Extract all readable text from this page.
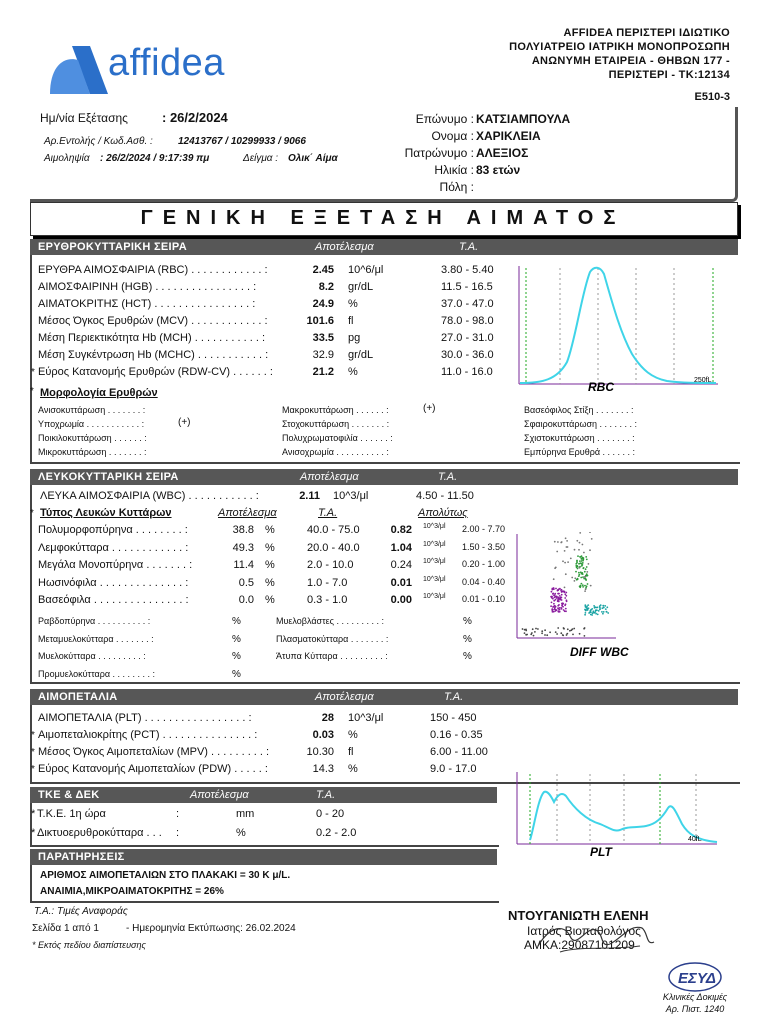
affidea
AFFIDEA ΠΕΡΙΣΤΕΡΙ ΙΔΙΩΤΙΚΟ
ΠΟΛΥΙΑΤΡΕΙΟ ΙΑΤΡΙΚΗ ΜΟΝΟΠΡΟΣΩΠΗ
ΑΝΩΝΥΜΗ ΕΤΑΙΡΕΙΑ - ΘΗΒΩΝ 177 -
ΠΕΡΙΣΤΕΡΙ - ΤΚ:12134
E510-3
Ημ/νία Εξέτασης	: 26/2/2024
Αρ.Εντολής / Κωδ.Ασθ. :	12413767 / 10299933 / 9066
Αιμοληψία : 26/2/2024 / 9:17:39 πμ	Δείγμα : Ολικ΄ Αίμα
Επώνυμο : ΚΑΤΣΙΑΜΠΟΥΛΑ
Ονομα : ΧΑΡΙΚΛΕΙΑ
Πατρώνυμο : ΑΛΕΞΙΟΣ
Ηλικία : 83 ετών
Πόλη :
ΓΕΝΙΚΗ ΕΞΕΤΑΣΗ ΑΙΜΑΤΟΣ
ΕΡΥΘΡΟΚΥΤΤΑΡΙΚΗ ΣΕΙΡΑ	Αποτέλεσμα	Τ.Α.
ΕΡΥΘΡΑ ΑΙΜΟΣΦΑΙΡΙΑ (RBC) . . . . . . . . . . . . :	2.45 10^6/μl	3.80 - 5.40
ΑΙΜΟΣΦΑΙΡΙΝΗ (HGB) . . . . . . . . . . . . . . . . :	8.2 gr/dL	11.5 - 16.5
ΑΙΜΑΤΟΚΡΙΤΗΣ (HCT) . . . . . . . . . . . . . . . . :	24.9 %	37.0 - 47.0
Μέσος Όγκος Ερυθρών (MCV) . . . . . . . . . . . . :	101.6 fl	78.0 - 98.0
Μέση Περιεκτικότητα Hb (MCH) . . . . . . . . . . . :	33.5 pg	27.0 - 31.0
Μέση Συγκέντρωση Hb (MCHC) . . . . . . . . . . . :	32.9 gr/dL	30.0 - 36.0
* Εύρος Κατανομής Ερυθρών (RDW-CV) . . . . . . :	21.2 %	11.0 - 16.0
* Μορφολογία Ερυθρών
Ανισοκυττάρωση . . . . . . . :	Μακροκυττάρωση . . . . . . :	(+)	Βασεόφιλος Στίξη . . . . . . . :
Υποχρωμία . . . . . . . . . . . :	(+)	Στοχοκυττάρωση . . . . . . . :	Σφαιροκυττάρωση . . . . . . . :
Ποικιλοκυττάρωση . . . . . . :	Πολυχρωματοφιλία . . . . . . :	Σχιστοκυττάρωση . . . . . . . :
Μικροκυττάρωση . . . . . . . :	Ανισοχρωμία . . . . . . . . . . :	Εμπύρηνα Ερυθρά . . . . . . :
RBC	250fL
ΛΕΥΚΟΚΥΤΤΑΡΙΚΗ ΣΕΙΡΑ	Αποτέλεσμα	Τ.Α.
ΛΕΥΚΑ ΑΙΜΟΣΦΑΙΡΙΑ (WBC) . . . . . . . . . . . :	2.11 10^3/μl	4.50 - 11.50
* Τύπος Λευκών Κυττάρων	Αποτέλεσμα	Τ.Α.	Απολύτως
Πολυμορφοπύρηνα . . . . . . . . :	38.8 %	40.0 - 75.0	0.82 10^3/μl 2.00 - 7.70
Λεμφοκύτταρα . . . . . . . . . . . . :	49.3 %	20.0 - 40.0	1.04 10^3/μl 1.50 - 3.50
Μεγάλα Μονοπύρηνα . . . . . . . :	11.4 %	2.0 - 10.0	0.24 10^3/μl 0.20 - 1.00
Ηωσινόφιλα . . . . . . . . . . . . . . :	0.5 %	1.0 - 7.0	0.01 10^3/μl 0.04 - 0.40
Βασεόφιλα . . . . . . . . . . . . . . . :	0.0 %	0.3 - 1.0	0.00 10^3/μl 0.01 - 0.10
Ραβδοπύρηνα . . . . . . . . . . :	%
Μεταμυελοκύτταρα . . . . . . . :	%
Μυελοκύτταρα . . . . . . . . . :	%
Προμυελοκύτταρα . . . . . . . . :	%
Μυελοβλάστες . . . . . . . . . :	%
Πλασματοκύτταρα . . . . . . . :	%
Άτυπα Κύτταρα . . . . . . . . . :	%	DIFF WBC
ΑΙΜΟΠΕΤΑΛΙΑ	Αποτέλεσμα	Τ.Α.
ΑΙΜΟΠΕΤΑΛΙΑ (PLT) . . . . . . . . . . . . . . . . . :	28 10^3/μl	150 - 450
* Αιμοπεταλιοκρίτης (PCT) . . . . . . . . . . . . . . . :	0.03 %	0.16 - 0.35
* Μέσος Όγκος Αιμοπεταλίων (MPV) . . . . . . . . . :	10.30 fl	6.00 - 11.00
* Εύρος Κατανομής Αιμοπεταλίων (PDW) . . . . . :	14.3 %	9.0 - 17.0
PLT
40fL
ΤΚΕ & ΔΕΚ	Αποτέλεσμα	Τ.Α.
* Τ.Κ.Ε. 1η ώρα	:	mm	0 - 20
* Δικτυοερυθροκύτταρα . . . :	%	0.2 - 2.0
ΠΑΡΑΤΗΡΗΣΕΙΣ
ΑΡΙΘΜΟΣ ΑΙΜΟΠΕΤΑΛΙΩΝ ΣΤΟ ΠΛΑΚΑΚΙ = 30 K μ/L.
ΑΝΑΙΜΙΑ,ΜΙΚΡΟΑΙΜΑΤΟΚΡΙΤΗΣ = 26%
Τ.Α.: Τιμές Αναφοράς
Σελίδα 1 από 1	- Ημερομηνία Εκτύπωσης: 26.02.2024
* Εκτός πεδίου διαπίστευσης
ΝΤΟΥΓΑΝΙΩΤΗ ΕΛΕΝΗ
Ιατρός Βιοπαθολόγος
ΑΜΚΑ:29087101209
ΕΣΥΔ
Κλινικές Δοκιμές
Αρ. Πιστ. 1240
